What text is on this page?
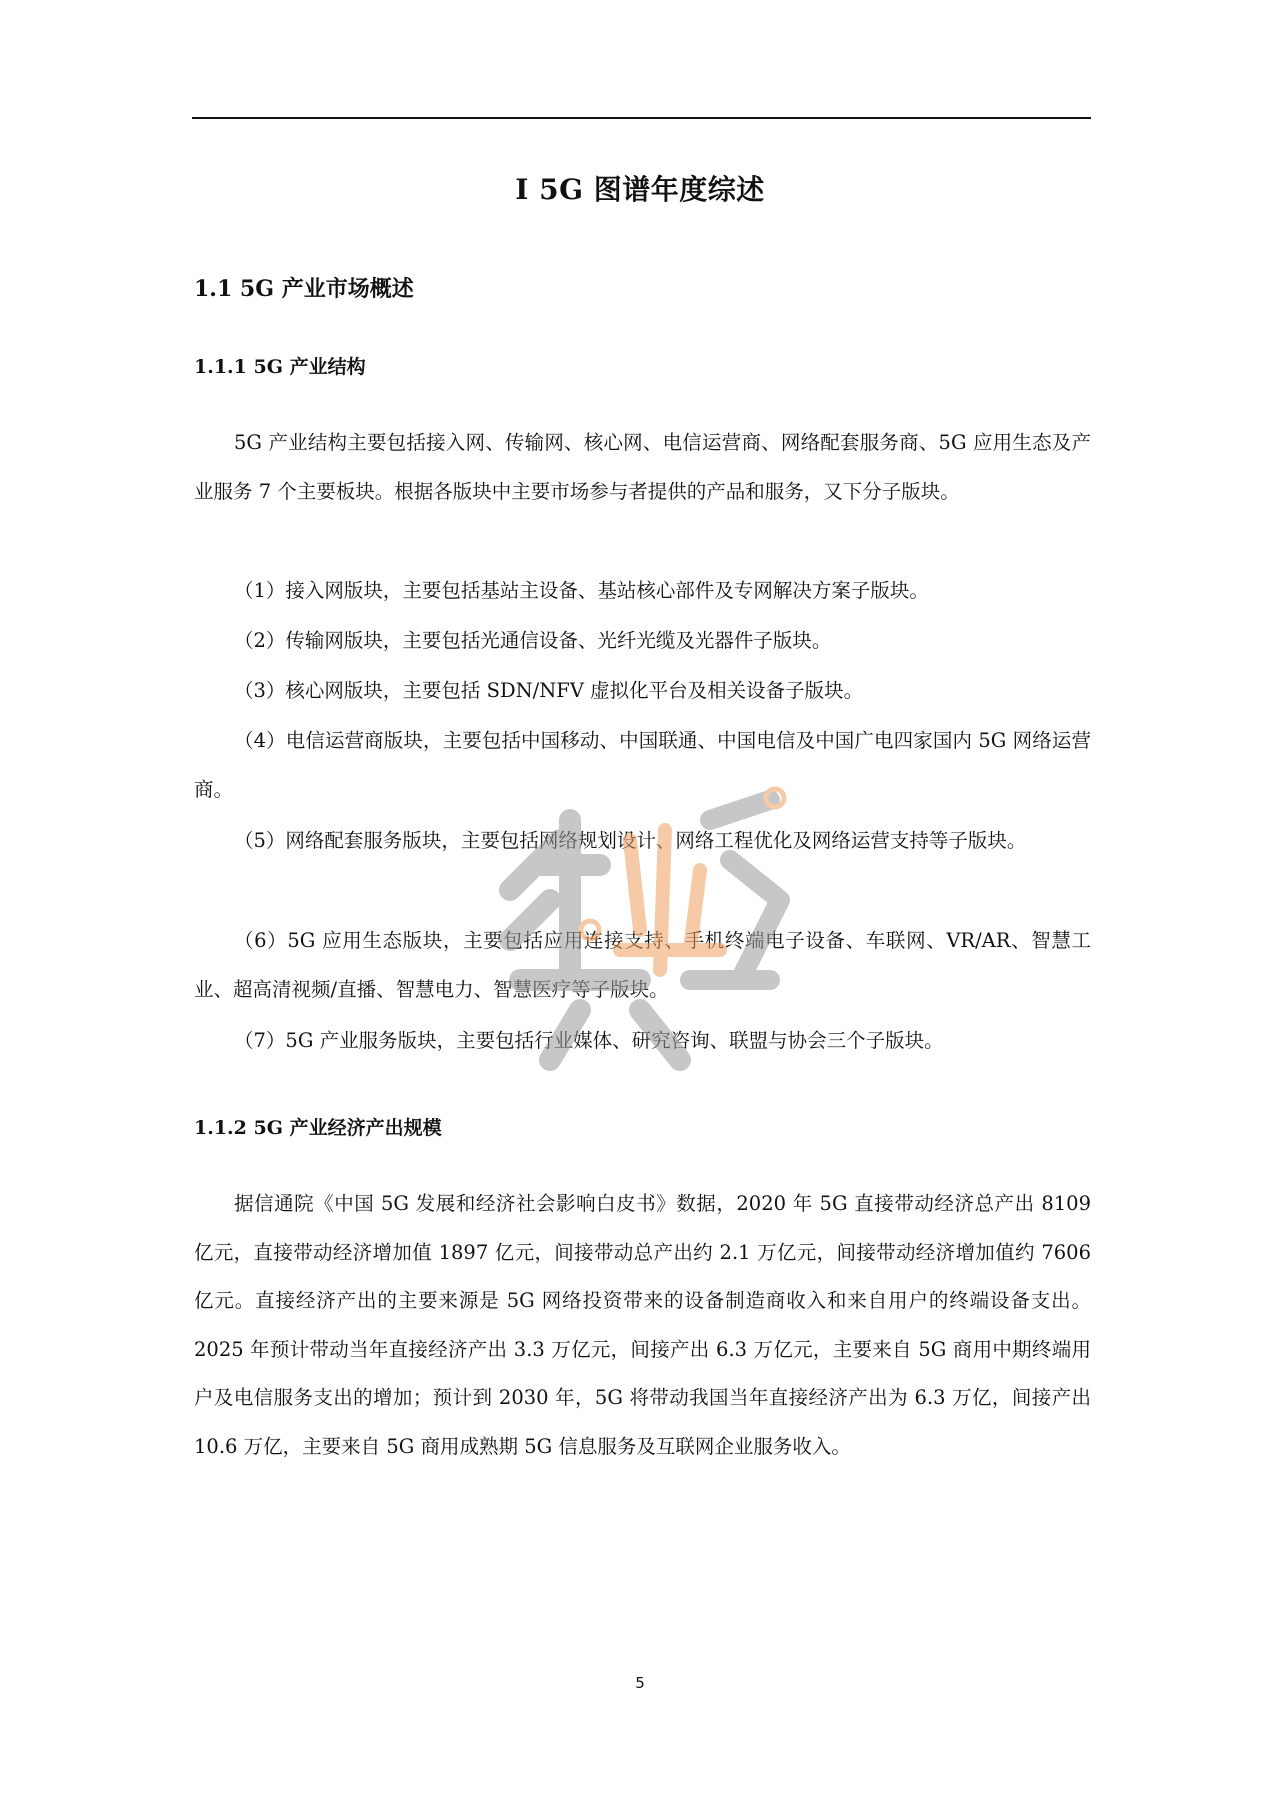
I 5G 图谱年度综述
1.1 5G 产业市场概述
1.1.1 5G 产业结构

5G 产业结构主要包括接入网、传输网、核心网、电信运营商、网络配套服务商、5G 应用生态及产业服务 7 个主要板块。根据各版块中主要市场参与者提供的产品和服务，又下分子版块。

（1）接入网版块，主要包括基站主设备、基站核心部件及专网解决方案子版块。

（2）传输网版块，主要包括光通信设备、光纤光缆及光器件子版块。

（3）核心网版块，主要包括 SDN/NFV 虚拟化平台及相关设备子版块。

（4）电信运营商版块，主要包括中国移动、中国联通、中国电信及中国广电四家国内 5G 网络运营商。

（5）网络配套服务版块，主要包括网络规划设计、网络工程优化及网络运营支持等子版块。

（6）5G 应用生态版块，主要包括应用连接支持、手机终端电子设备、车联网、VR/AR、智慧工业、超高清视频/直播、智慧电力、智慧医疗等子版块。

（7）5G 产业服务版块，主要包括行业媒体、研究咨询、联盟与协会三个子版块。

1.1.2 5G 产业经济产出规模

据信通院《中国 5G 发展和经济社会影响白皮书》数据，2020 年 5G 直接带动经济总产出 8109 亿元，直接带动经济增加值 1897 亿元，间接带动总产出约 2.1 万亿元，间接带动经济增加值约 7606 亿元。直接经济产出的主要来源是 5G 网络投资带来的设备制造商收入和来自用户的终端设备支出。2025 年预计带动当年直接经济产出 3.3 万亿元，间接产出 6.3 万亿元，主要来自 5G 商用中期终端用户及电信服务支出的增加；预计到 2030 年，5G 将带动我国当年直接经济产出为 6.3 万亿，间接产出 10.6 万亿，主要来自 5G 商用成熟期 5G 信息服务及互联网企业服务收入。

5
